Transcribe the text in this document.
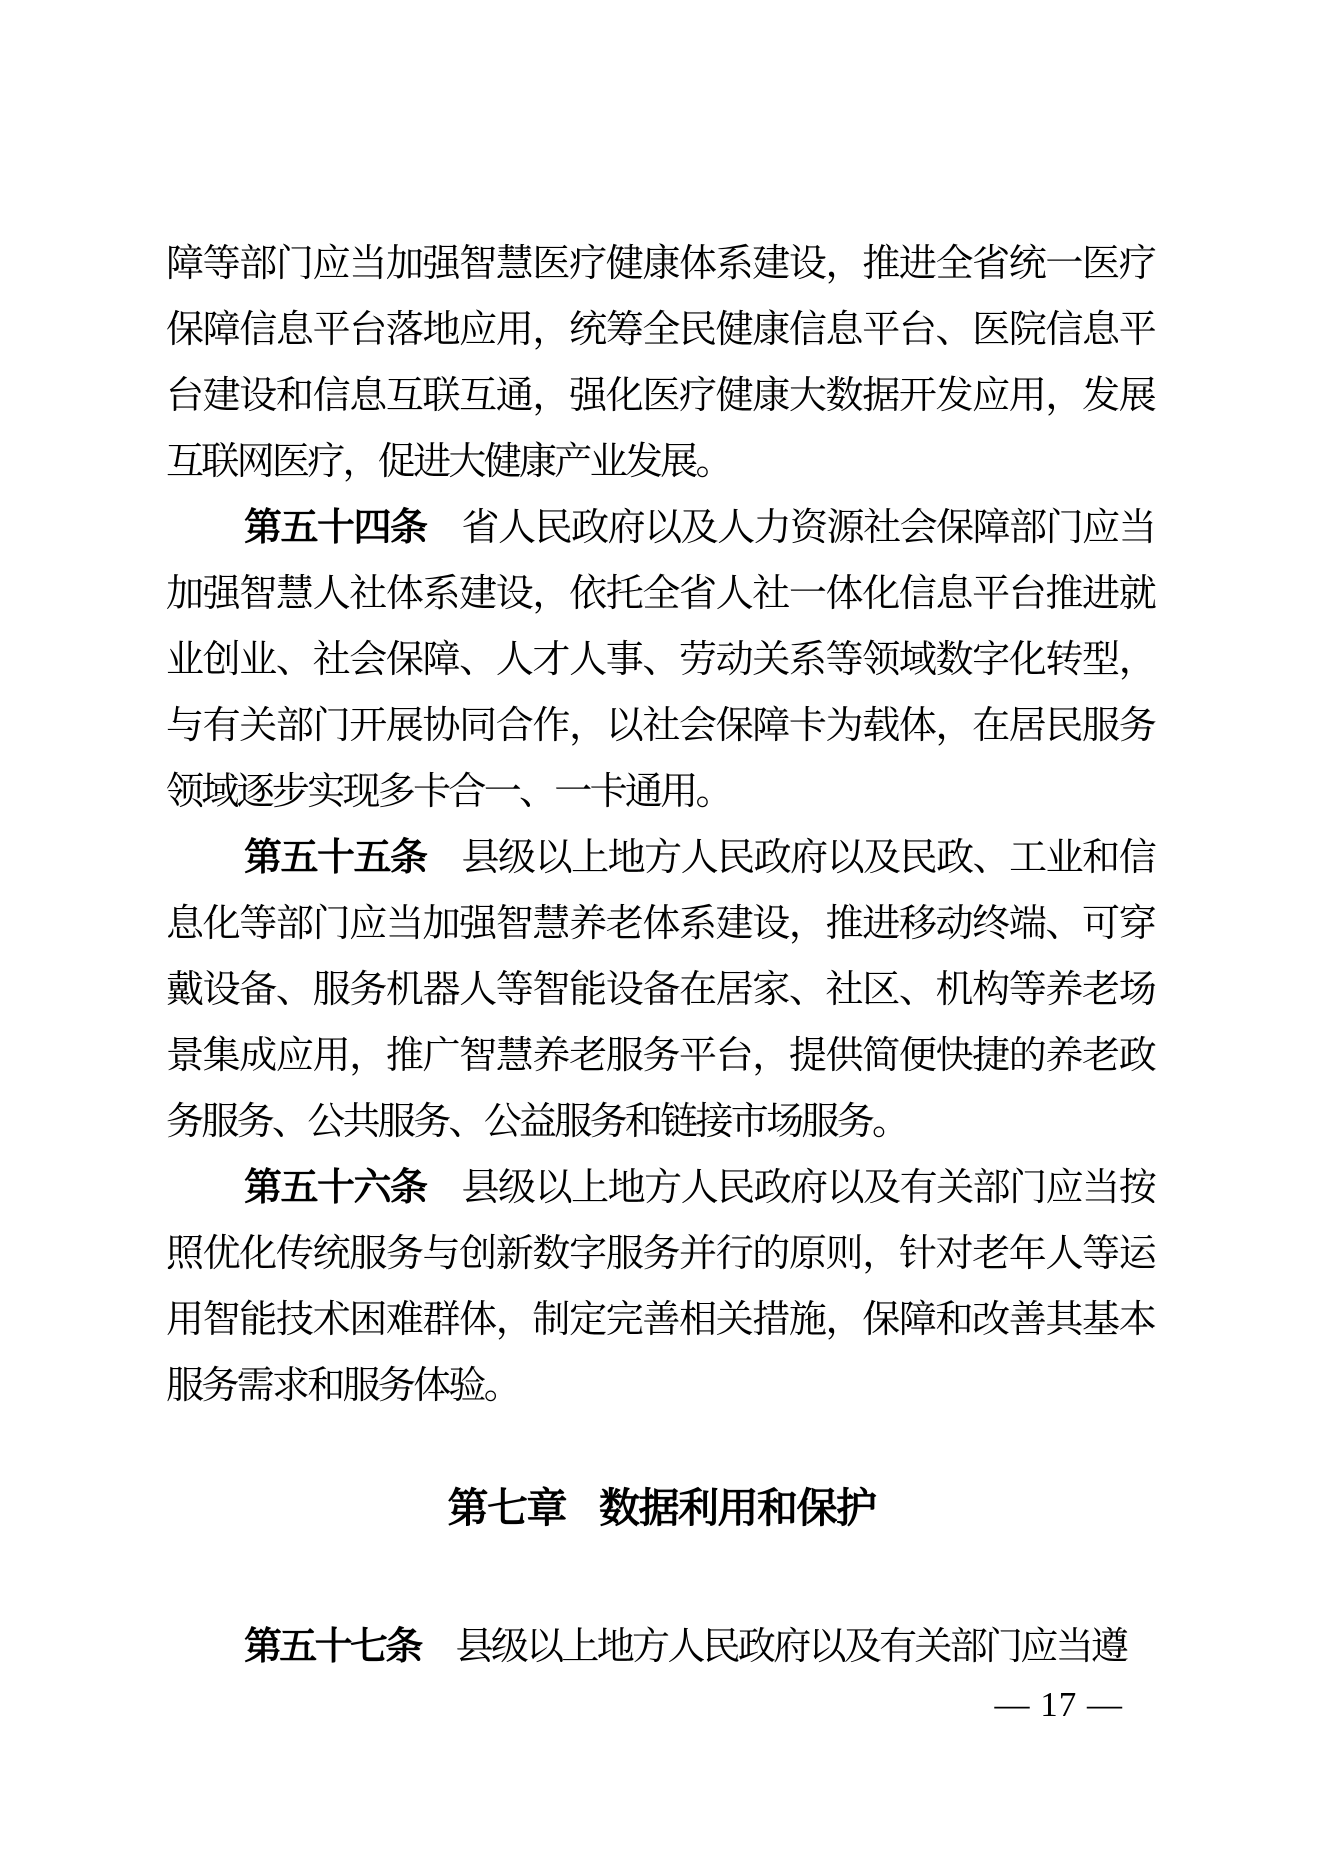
障等部门应当加强智慧医疗健康体系建设，推进全省统一医疗保障信息平台落地应用，统筹全民健康信息平台、医院信息平台建设和信息互联互通，强化医疗健康大数据开发应用，发展互联网医疗，促进大健康产业发展。

第五十四条 省人民政府以及人力资源社会保障部门应当加强智慧人社体系建设，依托全省人社一体化信息平台推进就业创业、社会保障、人才人事、劳动关系等领域数字化转型，与有关部门开展协同合作，以社会保障卡为载体，在居民服务领域逐步实现多卡合一、一卡通用。

第五十五条 县级以上地方人民政府以及民政、工业和信息化等部门应当加强智慧养老体系建设，推进移动终端、可穿戴设备、服务机器人等智能设备在居家、社区、机构等养老场景集成应用，推广智慧养老服务平台，提供简便快捷的养老政务服务、公共服务、公益服务和链接市场服务。

第五十六条 县级以上地方人民政府以及有关部门应当按照优化传统服务与创新数字服务并行的原则，针对老年人等运用智能技术困难群体，制定完善相关措施，保障和改善其基本服务需求和服务体验。

第七章 数据利用和保护

第五十七条 县级以上地方人民政府以及有关部门应当遵

— 17 —
